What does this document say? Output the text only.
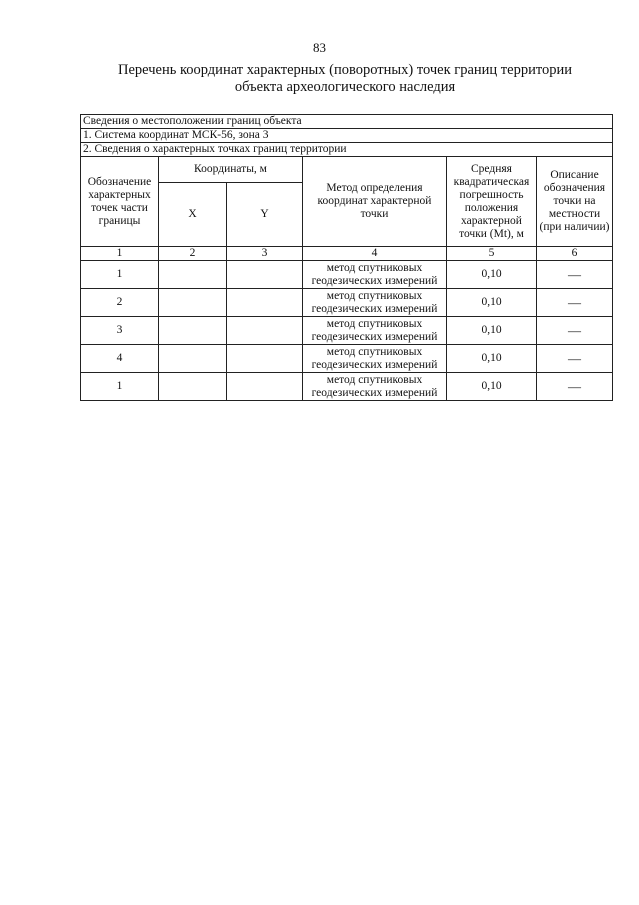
83
Перечень координат характерных (поворотных) точек границ территории
объекта археологического наследия
Сведения о местоположении границ объекта					
1. Система координат МСК-56, зона 3					
2. Сведения о характерных точках границ территории					
Обозначение характерных точек части границы	Координаты, м		Метод определения координат характерной точки	Средняя квадратическая погрешность положения характерной точки (Mt), м	Описание обозначения точки на местности (при наличии)
	X	Y			
1	2	3	4	5	6
1			метод спутниковых геодезических измерений	0,10	—
2			метод спутниковых геодезических измерений	0,10	—
3			метод спутниковых геодезических измерений	0,10	—
4			метод спутниковых геодезических измерений	0,10	—
1			метод спутниковых геодезических измерений	0,10	—
